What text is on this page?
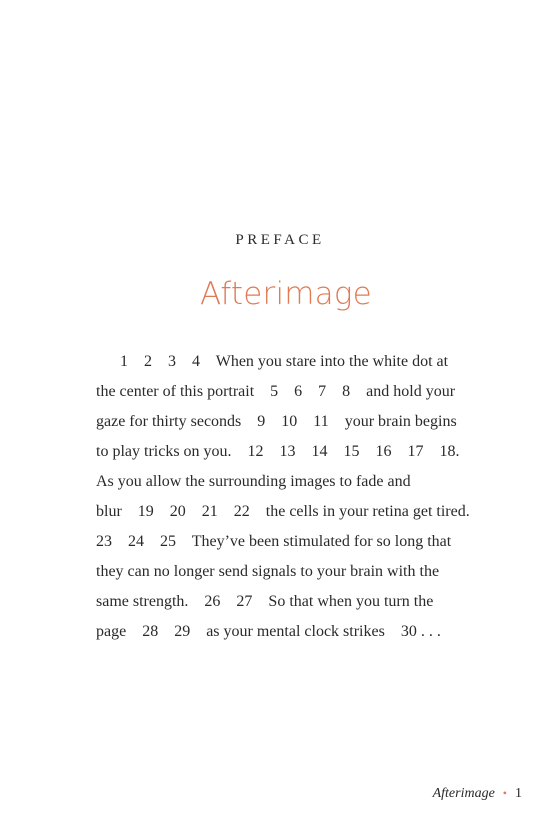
PREFACE
Afterimage
1    2    3    4    When you stare into the white dot at
the center of this portrait    5    6    7    8    and hold your
gaze for thirty seconds    9    10    11    your brain begins
to play tricks on you.    12    13    14    15    16    17    18.
As you allow the surrounding images to fade and
blur    19    20    21    22    the cells in your retina get tired.
23    24    25    They’ve been stimulated for so long that
they can no longer send signals to your brain with the
same strength.    26    27    So that when you turn the
page    28    29    as your mental clock strikes    30 . . .
Afterimage • 1
